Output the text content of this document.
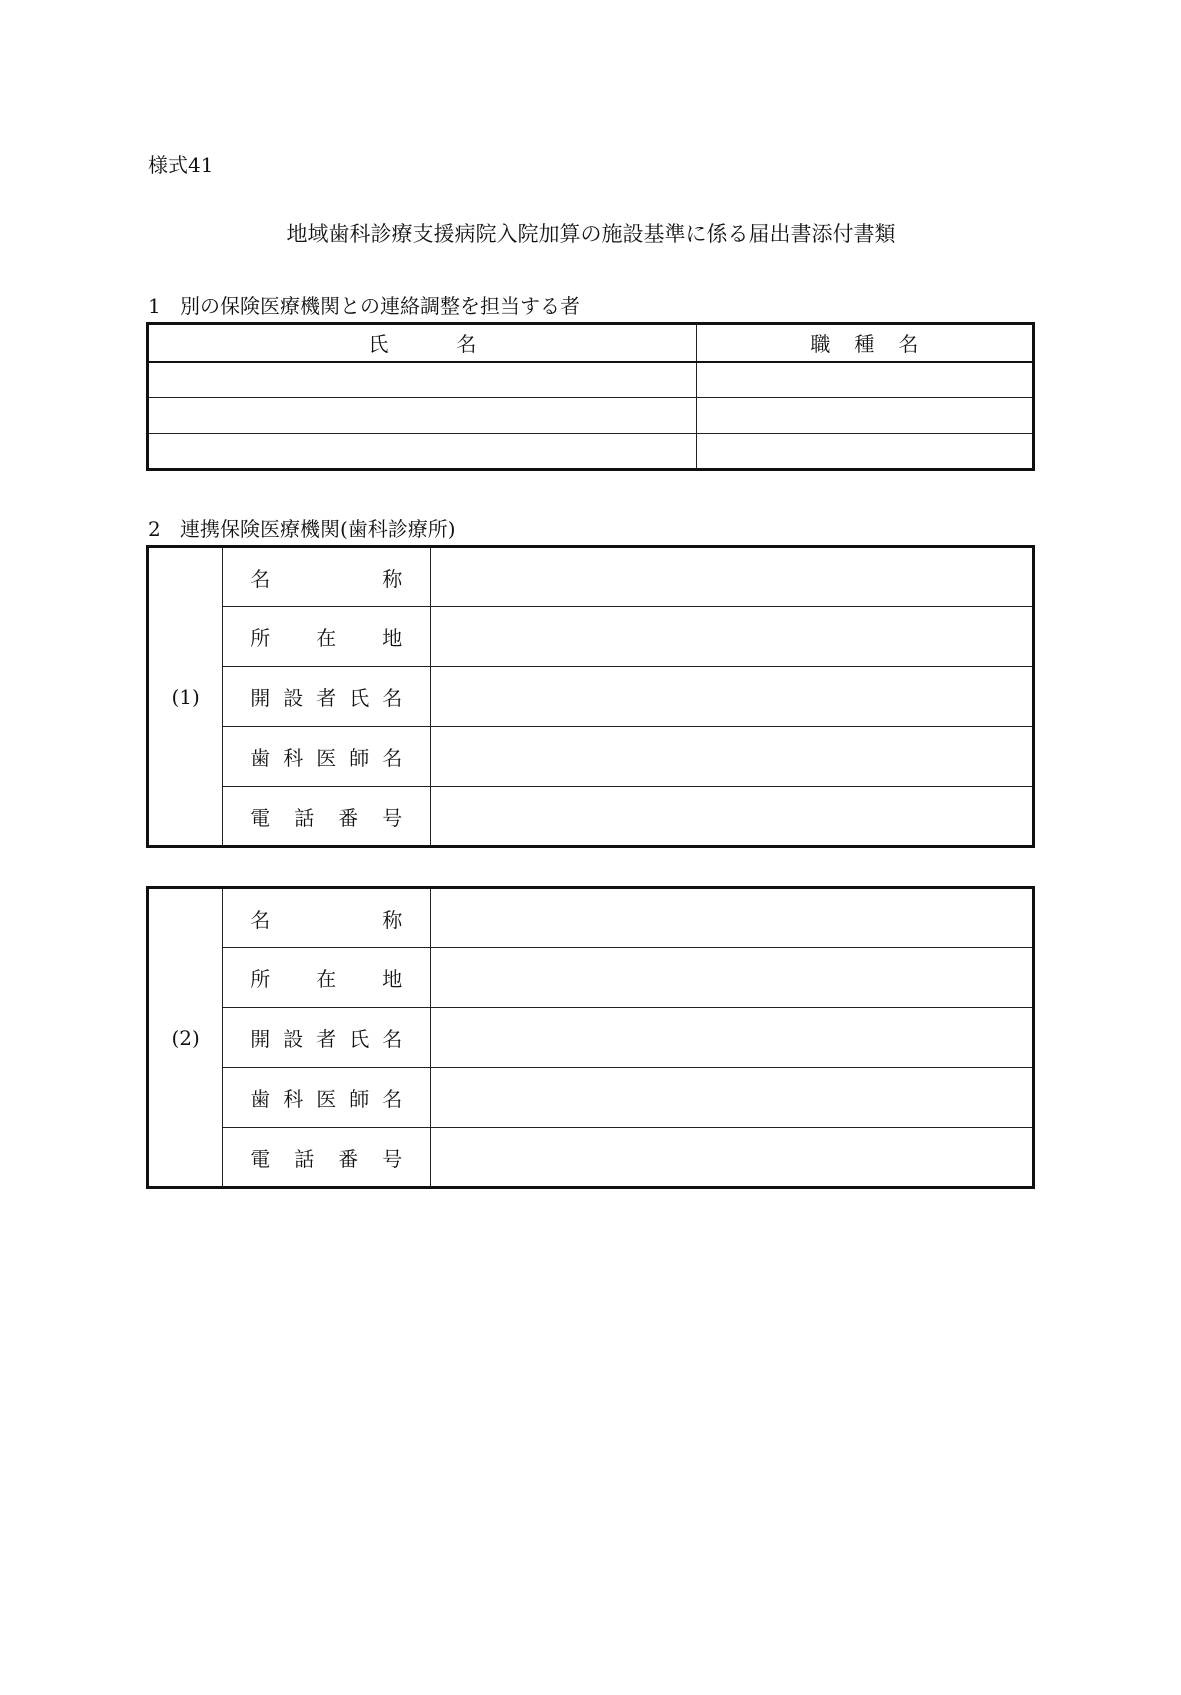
様式41
地域歯科診療支援病院入院加算の施設基準に係る届出書添付書類
1 別の保険医療機関との連絡調整を担当する者
氏 名	職 種 名

2 連携保険医療機関(歯科診療所)
(1)	名 称	

	所 在 地	

	開 設 者 氏 名	

	歯 科 医 師 名	

	電 話 番 号	

(2)	名 称	

	所 在 地	

	開 設 者 氏 名	

	歯 科 医 師 名	

	電 話 番 号	
